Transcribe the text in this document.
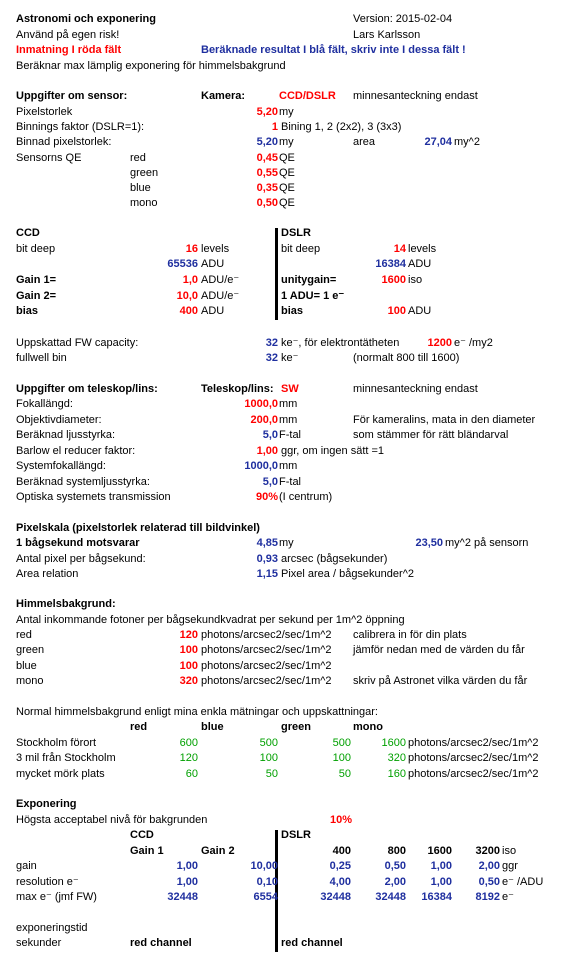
Astronomi och exponering	Version: 2015-02-04
Använd på egen risk!	Lars Karlsson
Inmatning I röda fält	Beräknade resultat I blå fält, skriv inte I dessa fält !
Beräknar max lämplig exponering för himmelsbakgrund
Uppgifter om sensor:	Kamera:	CCD/DSLR minnesanteckning endast
Pixelstorlek	5,20 my
Binnings faktor (DSLR=1):	1 Bining 1, 2 (2x2), 3 (3x3)
Binnad pixelstorlek:	5,20 my	area	27,04 my^2
Sensorns QE	red	0,45 QE
green	0,55 QE
blue	0,35 QE
mono	0,50 QE
CCD	DSLR
bit deep	16 levels	bit deep	14 levels
65536 ADU	16384 ADU
Gain 1=	1,0 ADU/e⁻	unitygain=	1600 iso
Gain 2=	10,0 ADU/e⁻	1 ADU= 1 e⁻
bias	400 ADU	bias	100 ADU
Uppskattad FW capacity:	32 ke⁻, för elektrontätheten	1200 e⁻ /my2
fullwell bin	32 ke⁻	(normalt 800 till 1600)
Uppgifter om teleskop/lins:	Teleskop/lins: SW	minnesanteckning endast
Fokallängd:	1000,0 mm
Objektivdiameter:	200,0 mm	För kameralins, mata in den diameter
Beräknad ljusstyrka:	5,0 F-tal	som stämmer för rätt bländarval
Barlow el reducer faktor:	1,00 ggr, om ingen sätt =1
Systemfokallängd:	1000,0 mm
Beräknad systemljusstyrka:	5,0 F-tal
Optiska systemets transmission	90% (I centrum)
Pixelskala (pixelstorlek relaterad till bildvinkel)
1 bågsekund motsvarar	4,85 my	23,50 my^2 på sensorn
Antal pixel per bågsekund:	0,93 arcsec (bågsekunder)
Area relation	1,15 Pixel area / bågsekunder^2
Himmelsbakgrund:
Antal inkommande fotoner per bågsekundkvadrat per sekund per 1m^2 öppning
red	120 photons/arcsec2/sec/1m^2 calibrera in för din plats
green	100 photons/arcsec2/sec/1m^2 jämför nedan med de värden du får
blue	100 photons/arcsec2/sec/1m^2
mono	320 photons/arcsec2/sec/1m^2 skriv på Astronet vilka värden du får
Normal himmelsbakgrund enligt mina enkla mätningar och uppskattningar:
red	blue	green	mono
Stockholm förort	600	500	500	1600 photons/arcsec2/sec/1m^2
3 mil från Stockholm	120	100	100	320 photons/arcsec2/sec/1m^2
mycket mörk plats	60	50	50	160 photons/arcsec2/sec/1m^2
Exponering
Högsta acceptabel nivå för bakgrunden	10%
CCD	DSLR
Gain 1	Gain 2	400	800	1600	3200 iso
gain	1,00	10,00	0,25	0,50	1,00	2,00 ggr
resolution e⁻	1,00	0,10	4,00	2,00	1,00	0,50 e⁻ /ADU
max e⁻ (jmf FW)	32448	6554	32448	32448	16384	8192 e⁻
exponeringstid
sekunder	red channel	red channel
